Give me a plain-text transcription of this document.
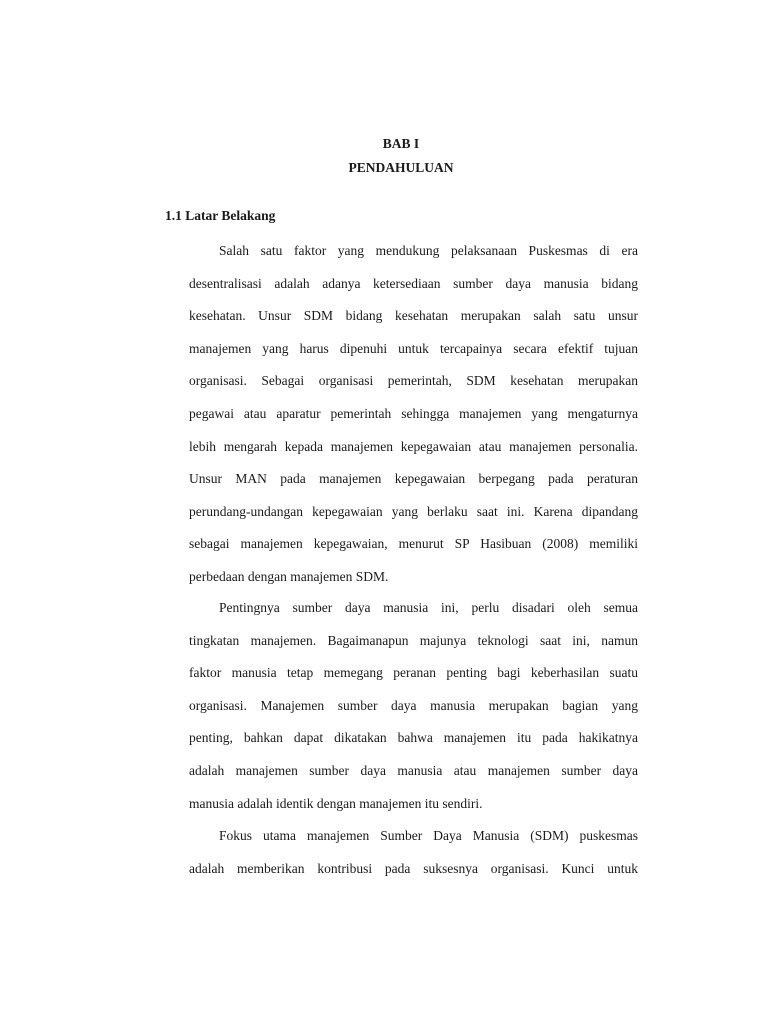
BAB I
PENDAHULUAN
1.1 Latar Belakang
Salah satu faktor yang mendukung pelaksanaan Puskesmas di era
desentralisasi adalah adanya ketersediaan sumber daya manusia bidang
kesehatan. Unsur SDM bidang kesehatan merupakan salah satu unsur
manajemen yang harus dipenuhi untuk tercapainya secara efektif tujuan
organisasi. Sebagai organisasi pemerintah, SDM kesehatan merupakan
pegawai atau aparatur pemerintah sehingga manajemen yang mengaturnya
lebih mengarah kepada manajemen kepegawaian atau manajemen personalia.
Unsur MAN pada manajemen kepegawaian berpegang pada peraturan
perundang-undangan kepegawaian yang berlaku saat ini. Karena dipandang
sebagai manajemen kepegawaian, menurut SP Hasibuan (2008) memiliki
perbedaan dengan manajemen SDM.
Pentingnya sumber daya manusia ini, perlu disadari oleh semua
tingkatan manajemen. Bagaimanapun majunya teknologi saat ini, namun
faktor manusia tetap memegang peranan penting bagi keberhasilan suatu
organisasi. Manajemen sumber daya manusia merupakan bagian yang
penting, bahkan dapat dikatakan bahwa manajemen itu pada hakikatnya
adalah manajemen sumber daya manusia atau manajemen sumber daya
manusia adalah identik dengan manajemen itu sendiri.
Fokus utama manajemen Sumber Daya Manusia (SDM) puskesmas
adalah memberikan kontribusi pada suksesnya organisasi. Kunci untuk
